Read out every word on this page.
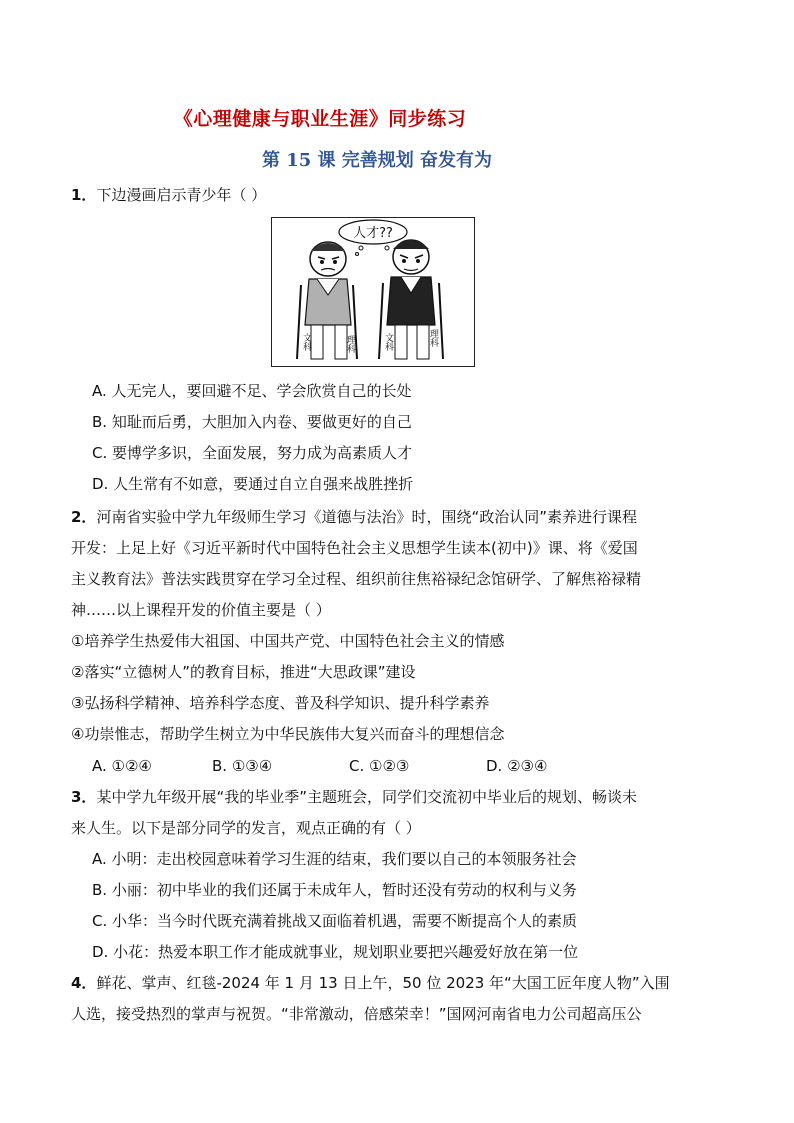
《心理健康与职业生涯》同步练习
第 15 课 完善规划 奋发有为
1．下边漫画启示青少年（ ）
人才??
文科	理科	文科	理科
A. 人无完人，要回避不足、学会欣赏自己的长处
B. 知耻而后勇，大胆加入内卷、要做更好的自己
C. 要博学多识，全面发展，努力成为高素质人才
D. 人生常有不如意，要通过自立自强来战胜挫折
2．河南省实验中学九年级师生学习《道德与法治》时，围绕“政治认同”素养进行课程
开发：上足上好《习近平新时代中国特色社会主义思想学生读本(初中)》课、将《爱国
主义教育法》普法实践贯穿在学习全过程、组织前往焦裕禄纪念馆研学、了解焦裕禄精
神……以上课程开发的价值主要是（ ）
①培养学生热爱伟大祖国、中国共产党、中国特色社会主义的情感
②落实“立德树人”的教育目标，推进“大思政课”建设
③弘扬科学精神、培养科学态度、普及科学知识、提升科学素养
④功崇惟志，帮助学生树立为中华民族伟大复兴而奋斗的理想信念
A. ①②④	B. ①③④	C. ①②③	D. ②③④
3．某中学九年级开展“我的毕业季”主题班会，同学们交流初中毕业后的规划、畅谈未
来人生。以下是部分同学的发言，观点正确的有（ ）
A. 小明：走出校园意味着学习生涯的结束，我们要以自己的本领服务社会
B. 小丽：初中毕业的我们还属于未成年人，暂时还没有劳动的权利与义务
C. 小华：当今时代既充满着挑战又面临着机遇，需要不断提高个人的素质
D. 小花：热爱本职工作才能成就事业，规划职业要把兴趣爱好放在第一位
4．鲜花、掌声、红毯-2024 年 1 月 13 日上午，50 位 2023 年“大国工匠年度人物”入围
人选，接受热烈的掌声与祝贺。“非常激动，倍感荣幸！”国网河南省电力公司超高压公
